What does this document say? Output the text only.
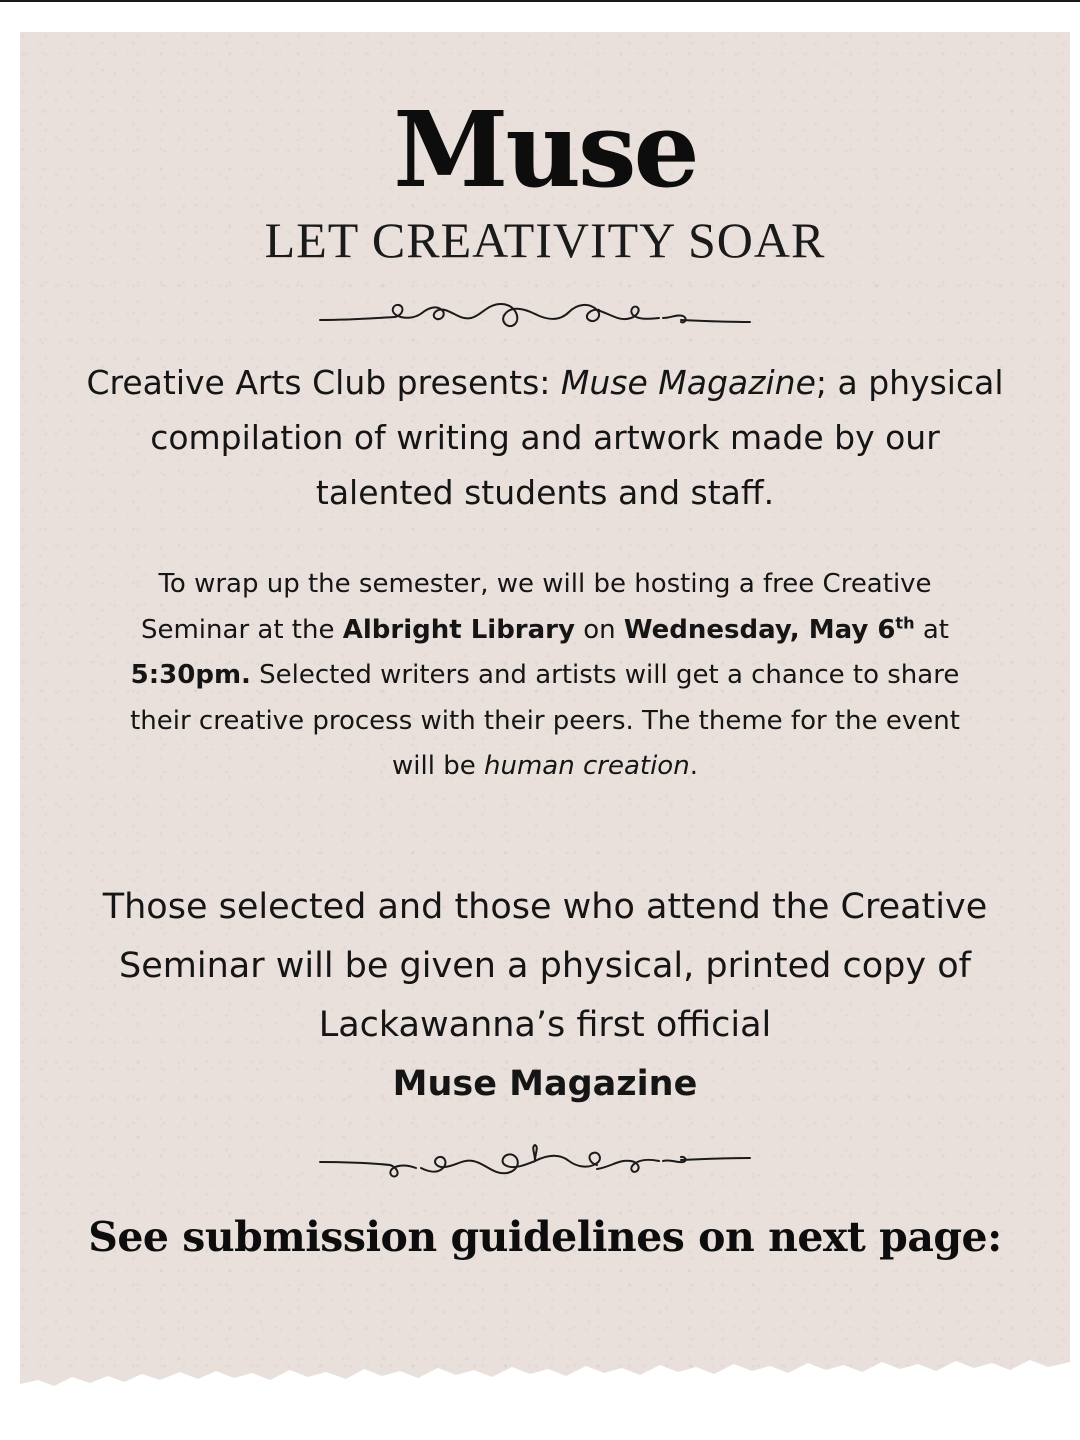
Muse
LET CREATIVITY SOAR

Creative Arts Club presents: Muse Magazine; a physical compilation of writing and artwork made by our talented students and staff.

To wrap up the semester, we will be hosting a free Creative Seminar at the Albright Library on Wednesday, May 6th at 5:30pm. Selected writers and artists will get a chance to share their creative process with their peers. The theme for the event will be human creation.

Those selected and those who attend the Creative Seminar will be given a physical, printed copy of Lackawanna’s first official
Muse Magazine

See submission guidelines on next page:
